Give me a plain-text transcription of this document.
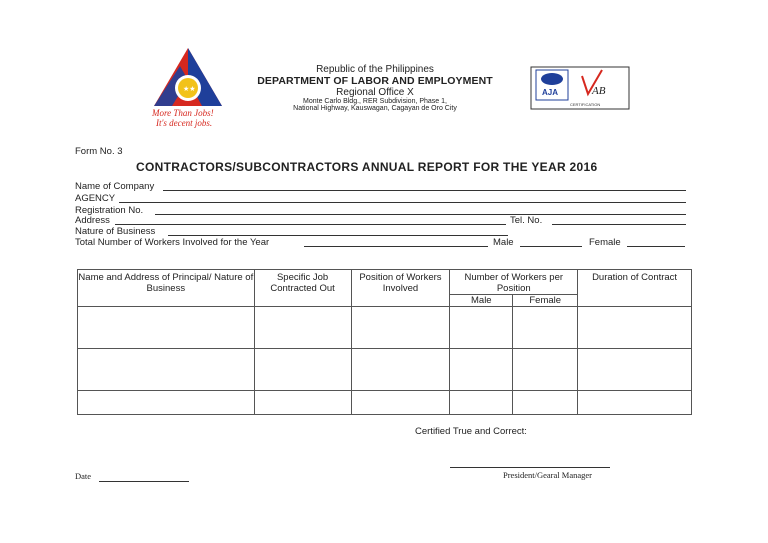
★★
More Than Jobs!
It's decent jobs.
Republic of the Philippines
DEPARTMENT OF LABOR AND EMPLOYMENT
Regional Office X
Monte Carlo Bldg., RER Subdivision, Phase 1,
National Highway, Kauswagan, Cagayan de Oro City
AJA	AB
CERTIFICATION
Form No. 3
CONTRACTORS/SUBCONTRACTORS ANNUAL REPORT FOR THE YEAR 2016
Name of Company
AGENCY
Registration No.
Address	Tel. No.
Nature of Business
Total Number of Workers Involved for the Year	Male	Female
Name and Address of Principal/ Nature of Business	Specific Job Contracted Out	Position of Workers Involved	Number of Workers per Position		Duration of Contract
			Male	Female	

Certified True and Correct:
Date	President/Gearal Manager
